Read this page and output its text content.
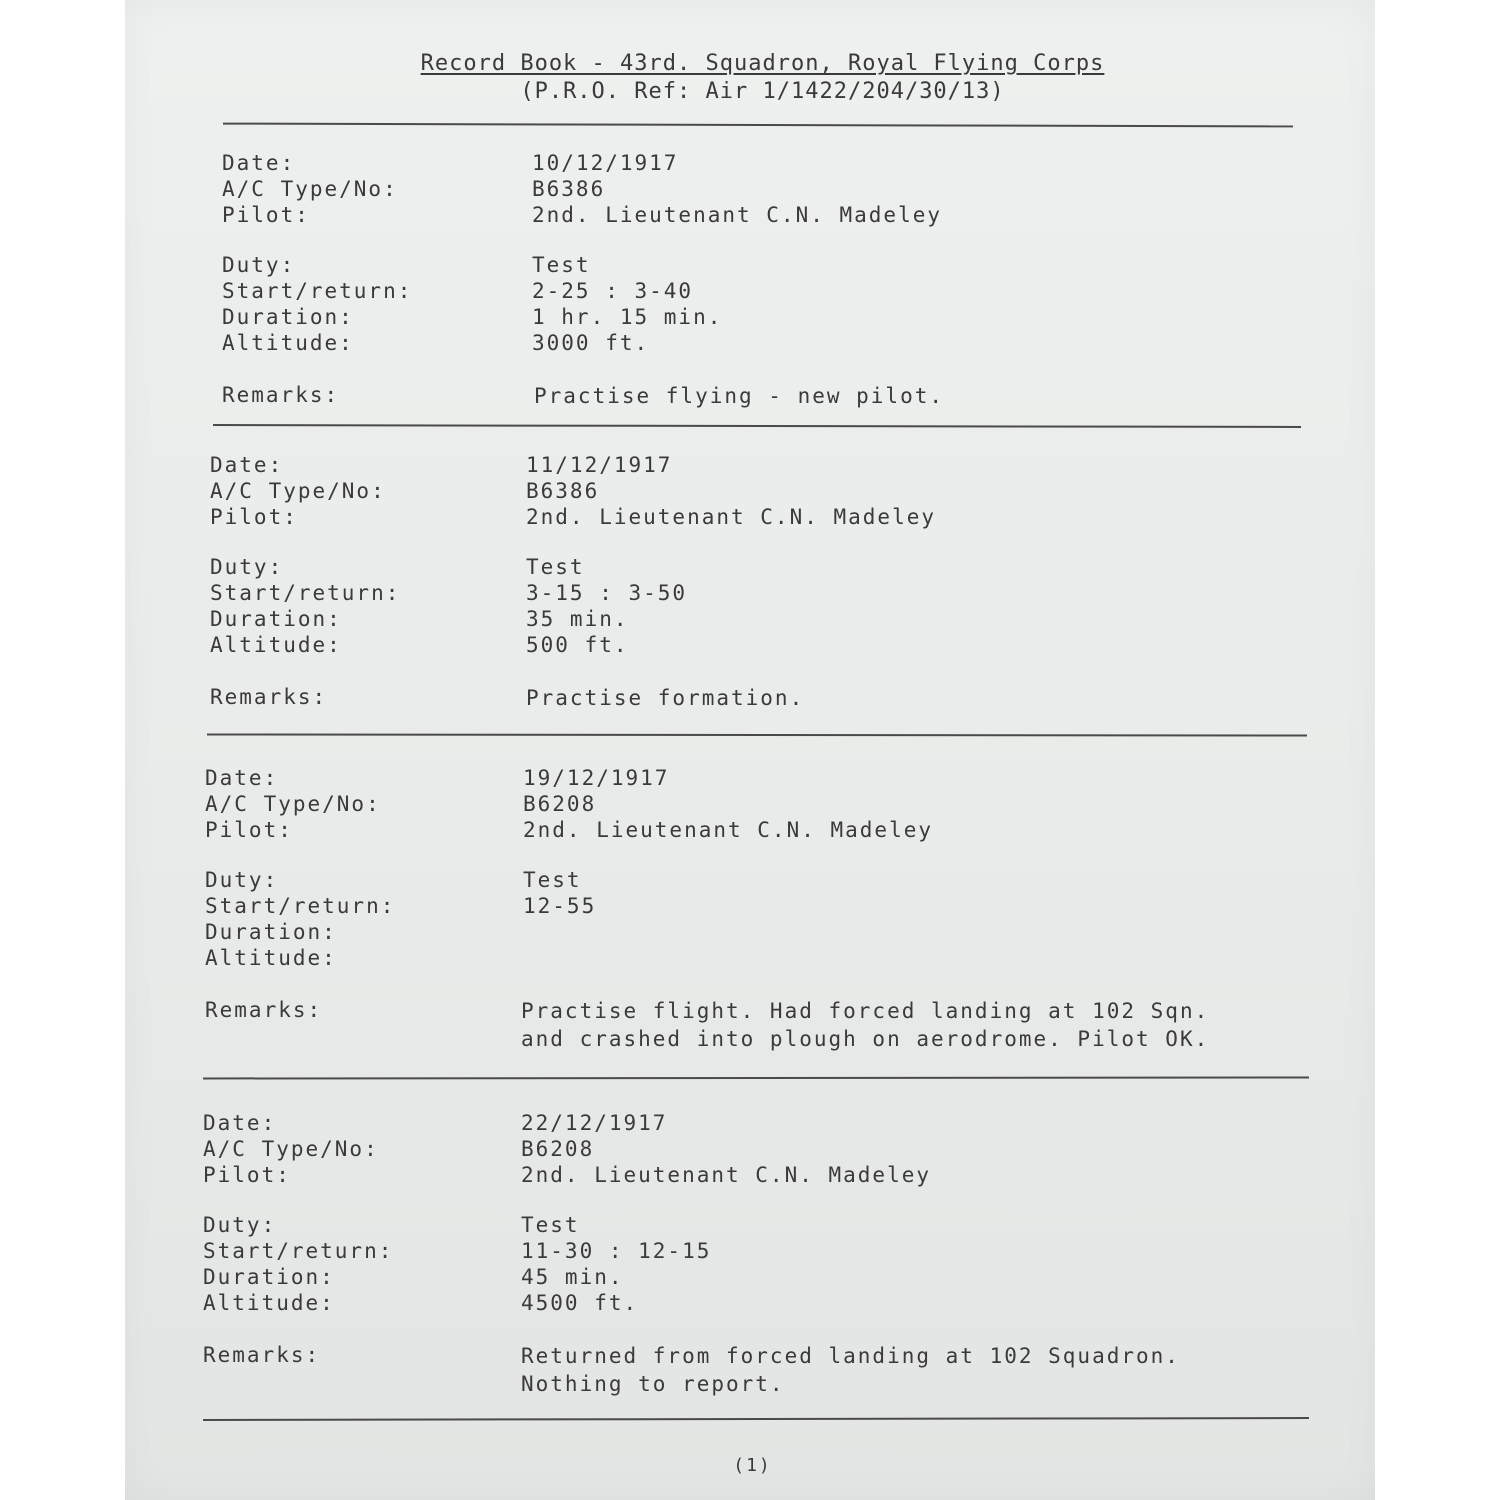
Record Book - 43rd. Squadron, Royal Flying Corps
(P.R.O. Ref: Air 1/1422/204/30/13)
Date:	10/12/1917
A/C Type/No:	B6386
Pilot:	2nd. Lieutenant C.N. Madeley
Duty:	Test
Start/return:	2-25 : 3-40
Duration:	1 hr. 15 min.
Altitude:	3000 ft.
Remarks:	Practise flying - new pilot.
Date:	11/12/1917
A/C Type/No:	B6386
Pilot:	2nd. Lieutenant C.N. Madeley
Duty:	Test
Start/return:	3-15 : 3-50
Duration:	35 min.
Altitude:	500 ft.
Remarks:	Practise formation.
Date:	19/12/1917
A/C Type/No:	B6208
Pilot:	2nd. Lieutenant C.N. Madeley
Duty:	Test
Start/return:	12-55
Duration:
Altitude:
Remarks:	Practise flight. Had forced landing at 102 Sqn.
and crashed into plough on aerodrome. Pilot OK.
Date:	22/12/1917
A/C Type/No:	B6208
Pilot:	2nd. Lieutenant C.N. Madeley
Duty:	Test
Start/return:	11-30 : 12-15
Duration:	45 min.
Altitude:	4500 ft.
Remarks:	Returned from forced landing at 102 Squadron.
Nothing to report.
(1)
